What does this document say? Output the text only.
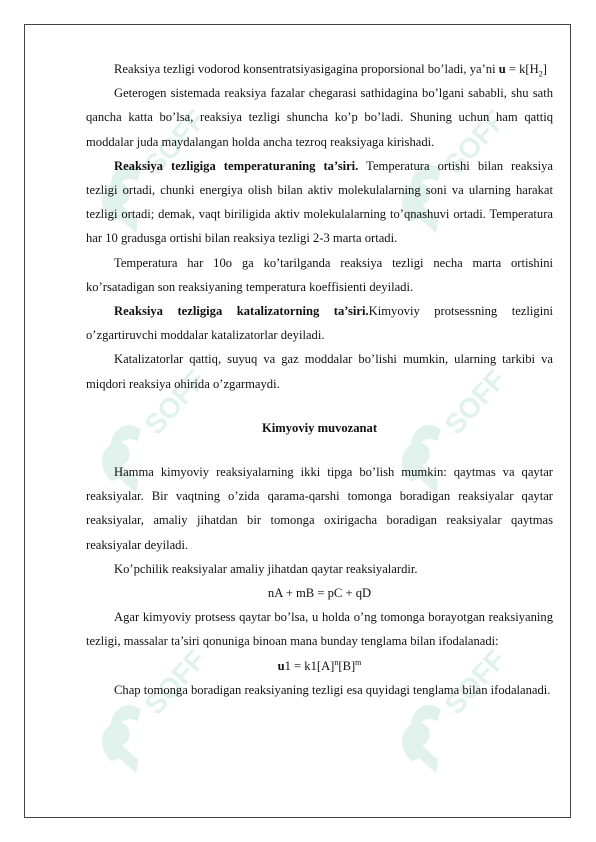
Reaksiya tezligi vodorod konsentratsiyasigagina proporsional bo’ladi, ya’ni $u = k[H_2]$

Geterogen sistemada reaksiya fazalar chegarasi sathidagina bo’lgani sababli, shu sath qancha katta bo’lsa, reaksiya tezligi shuncha ko’p bo’ladi. Shuning uchun ham qattiq moddalar juda maydalangan holda ancha tezroq reaksiyaga kirishadi.

Reaksiya tezligiga temperaturaning ta’siri. Temperatura ortishi bilan reaksiya tezligi ortadi, chunki energiya olish bilan aktiv molekulalarning soni va ularning harakat tezligi ortadi; demak, vaqt biriligida aktiv molekulalarning to’qnashuvi ortadi. Temperatura har 10 gradusga ortishi bilan reaksiya tezligi 2-3 marta ortadi.

Temperatura har 10o ga ko’tarilganda reaksiya tezligi necha marta ortishini ko’rsatadigan son reaksiyaning temperatura koeffisienti deyiladi.

Reaksiya tezligiga katalizatorning ta’siri.Kimyoviy protsessning tezligini o’zgartiruvchi moddalar katalizatorlar deyiladi.

Katalizatorlar qattiq, suyuq va gaz moddalar bo’lishi mumkin, ularning tarkibi va miqdori reaksiya ohirida o’zgarmaydi.

Kimyoviy muvozanat

Hamma kimyoviy reaksiyalarning ikki tipga bo’lish mumkin: qaytmas va qaytar reaksiyalar. Bir vaqtning o’zida qarama-qarshi tomonga boradigan reaksiyalar qaytar reaksiyalar, amaliy jihatdan bir tomonga oxirigacha boradigan reaksiyalar qaytmas reaksiyalar deyiladi.

Ko’pchilik reaksiyalar amaliy jihatdan qaytar reaksiyalardir.

nA + mB = pC + qD

Agar kimyoviy protsess qaytar bo’lsa, u holda o’ng tomonga borayotgan reaksiyaning tezligi, massalar ta’siri qonuniga binoan mana bunday tenglama bilan ifodalanadi:

$u1 = k1[A]^n[B]^m$

Chap tomonga boradigan reaksiyaning tezligi esa quyidagi tenglama bilan ifodalanadi.
